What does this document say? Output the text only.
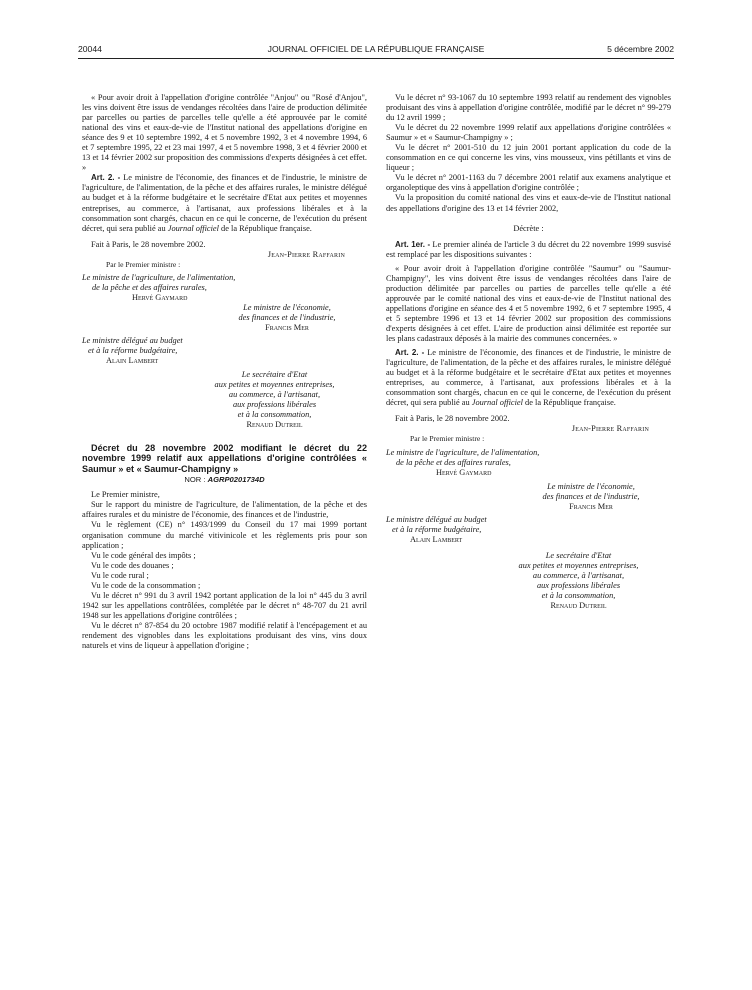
20044	JOURNAL OFFICIEL DE LA RÉPUBLIQUE FRANÇAISE	5 décembre 2002

« Pour avoir droit à l'appellation d'origine contrôlée "Anjou" ou "Rosé d'Anjou", les vins doivent être issus de vendanges récoltées dans l'aire de production délimitée par parcelles ou parties de parcelles telle qu'elle a été approuvée par le comité national des vins et eaux-de-vie de l'Institut national des appellations d'origine en séance des 9 et 10 septembre 1992, 4 et 5 novembre 1992, 3 et 4 novembre 1994, 6 et 7 septembre 1995, 22 et 23 mai 1997, 4 et 5 novembre 1998, 3 et 4 février 2000 et 13 et 14 février 2002 sur proposition des commissions d'experts désignées à cet effet. »

Art. 2. - Le ministre de l'économie, des finances et de l'industrie, le ministre de l'agriculture, de l'alimentation, de la pêche et des affaires rurales, le ministre délégué au budget et à la réforme budgétaire et le secrétaire d'Etat aux petites et moyennes entreprises, au commerce, à l'artisanat, aux professions libérales et à la consommation sont chargés, chacun en ce qui le concerne, de l'exécution du présent décret, qui sera publié au Journal officiel de la République française.

Fait à Paris, le 28 novembre 2002.

Jean-Pierre Raffarin
Par le Premier ministre :
Le ministre de l'agriculture, de l'alimentation,
de la pêche et des affaires rurales,
Hervé Gaymard
Le ministre de l'économie,
des finances et de l'industrie,
Francis Mer
Le ministre délégué au budget
et à la réforme budgétaire,
Alain Lambert
Le secrétaire d'Etat
aux petites et moyennes entreprises,
au commerce, à l'artisanat,
aux professions libérales
et à la consommation,
Renaud Dutreil

Décret du 28 novembre 2002 modifiant le décret du 22 novembre 1999 relatif aux appellations d'origine contrôlées « Saumur » et « Saumur-Champigny »

NOR : AGRP0201734D

Le Premier ministre,

Sur le rapport du ministre de l'agriculture, de l'alimentation, de la pêche et des affaires rurales et du ministre de l'économie, des finances et de l'industrie,

Vu le règlement (CE) n° 1493/1999 du Conseil du 17 mai 1999 portant organisation commune du marché vitivinicole et les règlements pris pour son application ;

Vu le code général des impôts ;

Vu le code des douanes ;

Vu le code rural ;

Vu le code de la consommation ;

Vu le décret n° 991 du 3 avril 1942 portant application de la loi n° 445 du 3 avril 1942 sur les appellations contrôlées, complétée par le décret n° 48-707 du 21 avril 1948 sur les appellations d'origine contrôlées ;

Vu le décret n° 87-854 du 20 octobre 1987 modifié relatif à l'encépagement et au rendement des vignobles dans les exploitations produisant des vins, vins doux naturels et vins de liqueur à appellation d'origine ;

Vu le décret n° 93-1067 du 10 septembre 1993 relatif au rendement des vignobles produisant des vins à appellation d'origine contrôlée, modifié par le décret n° 99-279 du 12 avril 1999 ;

Vu le décret du 22 novembre 1999 relatif aux appellations d'origine contrôlées « Saumur » et « Saumur-Champigny » ;

Vu le décret n° 2001-510 du 12 juin 2001 portant application du code de la consommation en ce qui concerne les vins, vins mousseux, vins pétillants et vins de liqueur ;

Vu le décret n° 2001-1163 du 7 décembre 2001 relatif aux examens analytique et organoleptique des vins à appellation d'origine contrôlée ;

Vu la proposition du comité national des vins et eaux-de-vie de l'Institut national des appellations d'origine des 13 et 14 février 2002,

Décrète :

Art. 1er. - Le premier alinéa de l'article 3 du décret du 22 novembre 1999 susvisé est remplacé par les dispositions suivantes :

« Pour avoir droit à l'appellation d'origine contrôlée "Saumur" ou "Saumur-Champigny", les vins doivent être issus de vendanges récoltées dans l'aire de production délimitée par parcelles ou parties de parcelles telle qu'elle a été approuvée par le comité national des vins et eaux-de-vie de l'Institut national des appellations d'origine en séance des 4 et 5 novembre 1992, 6 et 7 septembre 1995, 4 et 5 septembre 1996 et 13 et 14 février 2002 sur proposition des commissions d'experts désignées à cet effet. L'aire de production ainsi délimitée est reportée sur les plans cadastraux déposés à la mairie des communes concernées. »

Art. 2. - Le ministre de l'économie, des finances et de l'industrie, le ministre de l'agriculture, de l'alimentation, de la pêche et des affaires rurales, le ministre délégué au budget et à la réforme budgétaire et le secrétaire d'Etat aux petites et moyennes entreprises, au commerce, à l'artisanat, aux professions libérales et à la consommation sont chargés, chacun en ce qui le concerne, de l'exécution du présent décret, qui sera publié au Journal officiel de la République française.

Fait à Paris, le 28 novembre 2002.

Jean-Pierre Raffarin
Par le Premier ministre :
Le ministre de l'agriculture, de l'alimentation,
de la pêche et des affaires rurales,
Hervé Gaymard
Le ministre de l'économie,
des finances et de l'industrie,
Francis Mer
Le ministre délégué au budget
et à la réforme budgétaire,
Alain Lambert
Le secrétaire d'Etat
aux petites et moyennes entreprises,
au commerce, à l'artisanat,
aux professions libérales
et à la consommation,
Renaud Dutreil
